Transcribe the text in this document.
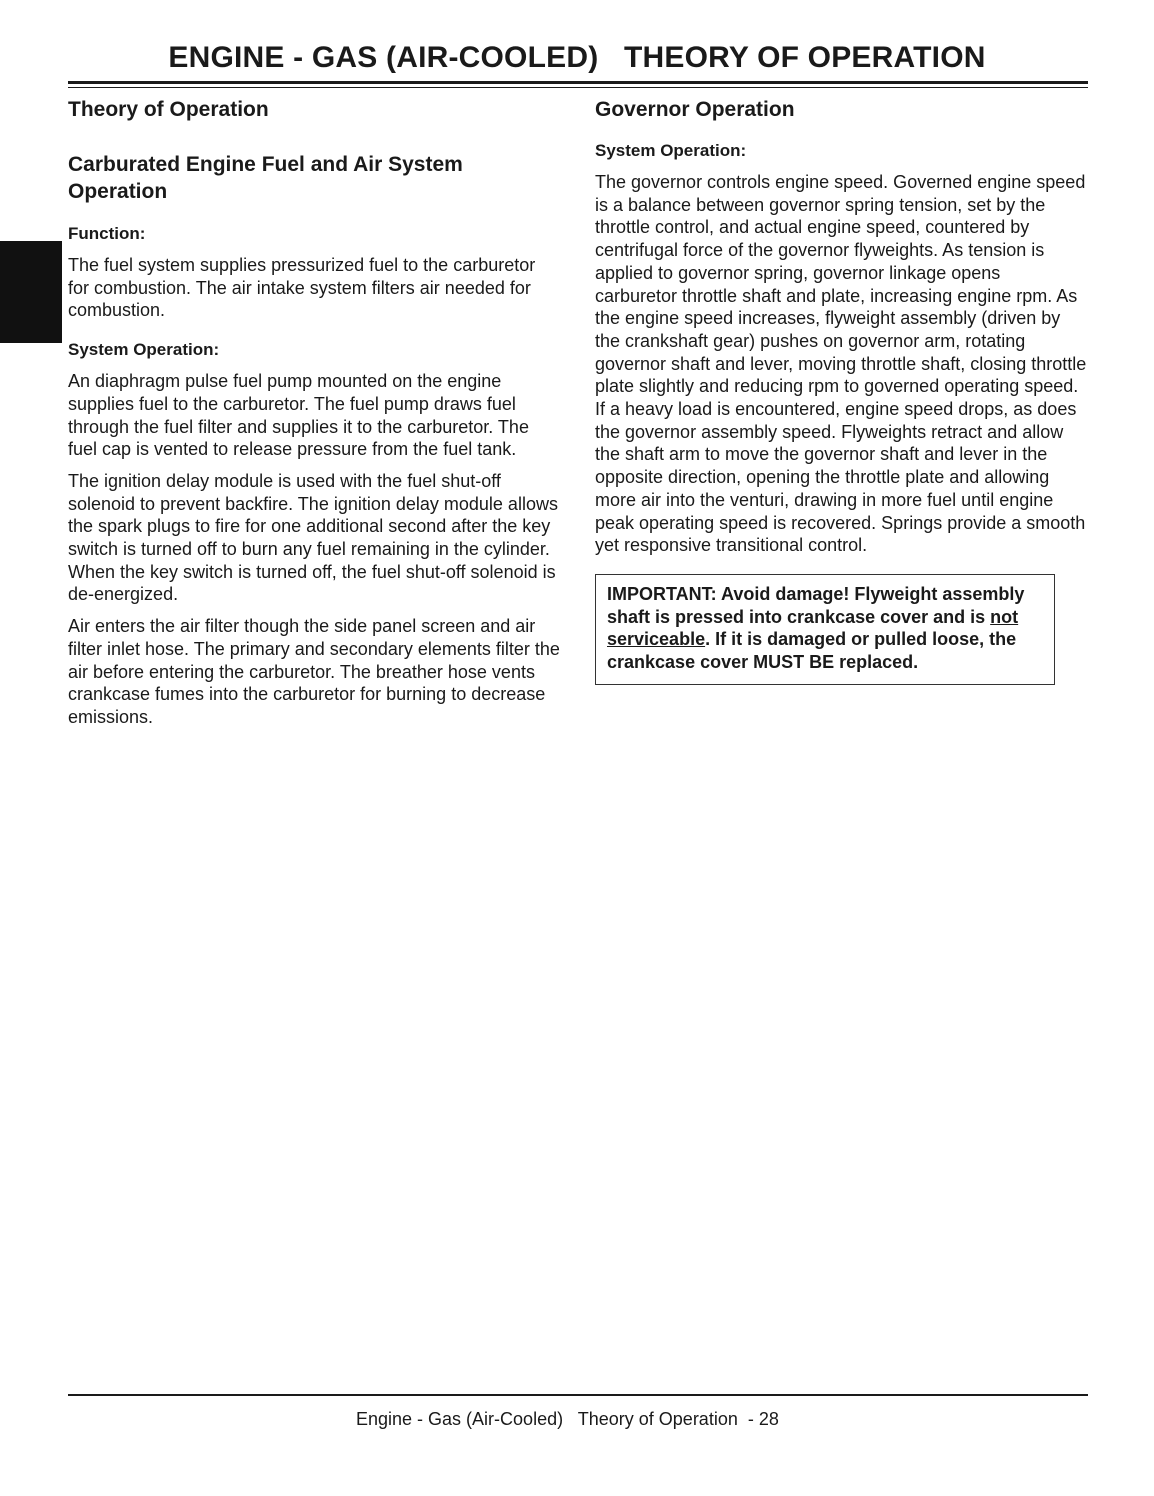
ENGINE - GAS (AIR-COOLED)   THEORY OF OPERATION
Theory of Operation
Carburated Engine Fuel and Air System Operation
Function:

The fuel system supplies pressurized fuel to the carburetor for combustion. The air intake system filters air needed for combustion.

System Operation:

An diaphragm pulse fuel pump mounted on the engine supplies fuel to the carburetor. The fuel pump draws fuel through the fuel filter and supplies it to the carburetor. The fuel cap is vented to release pressure from the fuel tank.

The ignition delay module is used with the fuel shut-off solenoid to prevent backfire. The ignition delay module allows the spark plugs to fire for one additional second after the key switch is turned off to burn any fuel remaining in the cylinder. When the key switch is turned off, the fuel shut-off solenoid is de-energized.

Air enters the air filter though the side panel screen and air filter inlet hose. The primary and secondary elements filter the air before entering the carburetor. The breather hose vents crankcase fumes into the carburetor for burning to decrease emissions.

Governor Operation
System Operation:

The governor controls engine speed. Governed engine speed is a balance between governor spring tension, set by the throttle control, and actual engine speed, countered by centrifugal force of the governor flyweights. As tension is applied to governor spring, governor linkage opens carburetor throttle shaft and plate, increasing engine rpm. As the engine speed increases, flyweight assembly (driven by the crankshaft gear) pushes on governor arm, rotating governor shaft and lever, moving throttle shaft, closing throttle plate slightly and reducing rpm to governed operating speed. If a heavy load is encountered, engine speed drops, as does the governor assembly speed. Flyweights retract and allow the shaft arm to move the governor shaft and lever in the opposite direction, opening the throttle plate and allowing more air into the venturi, drawing in more fuel until engine peak operating speed is recovered. Springs provide a smooth yet responsive transitional control.

IMPORTANT: Avoid damage! Flyweight assembly shaft is pressed into crankcase cover and is not serviceable. If it is damaged or pulled loose, the crankcase cover MUST BE replaced.
Engine - Gas (Air-Cooled)   Theory of Operation  - 28
